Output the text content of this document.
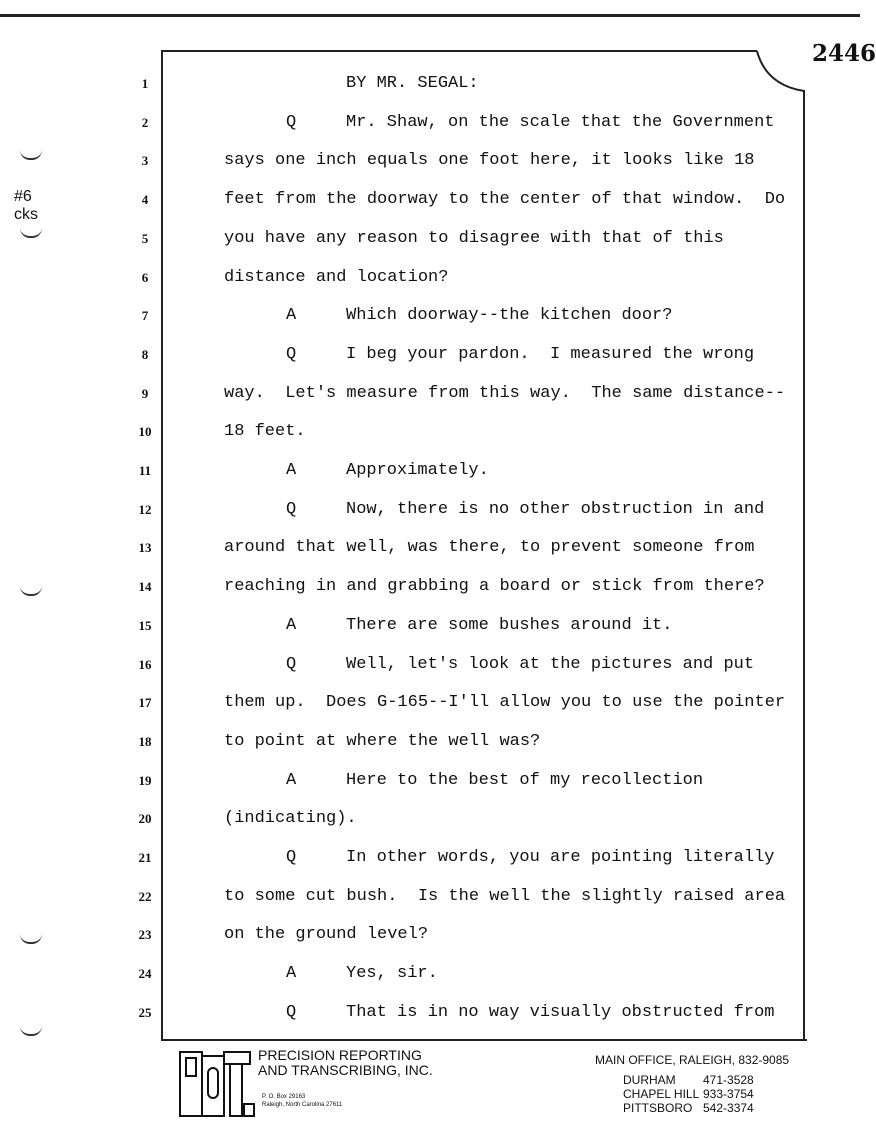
2446
#6
cks
1	BY MR. SEGAL:
2	Q	Mr. Shaw, on the scale that the Government
3	says one inch equals one foot here, it looks like 18
4	feet from the doorway to the center of that window.  Do
5	you have any reason to disagree with that of this
6	distance and location?
7	A	Which doorway--the kitchen door?
8	Q	I beg your pardon.  I measured the wrong
9	way.  Let's measure from this way.  The same distance--
10	18 feet.
11	A	Approximately.
12	Q	Now, there is no other obstruction in and
13	around that well, was there, to prevent someone from
14	reaching in and grabbing a board or stick from there?
15	A	There are some bushes around it.
16	Q	Well, let's look at the pictures and put
17	them up.  Does G-165--I'll allow you to use the pointer
18	to point at where the well was?
19	A	Here to the best of my recollection
20	(indicating).
21	Q	In other words, you are pointing literally
22	to some cut bush.  Is the well the slightly raised area
23	on the ground level?
24	A	Yes, sir.
25	Q	That is in no way visually obstructed from
PRECISION REPORTING
AND TRANSCRIBING, INC.
P. O. Box 29163
Raleigh, North Carolina 27611
MAIN OFFICE, RALEIGH, 832-9085
DURHAM 471-3528
CHAPEL HILL 933-3754
PITTSBORO 542-3374
